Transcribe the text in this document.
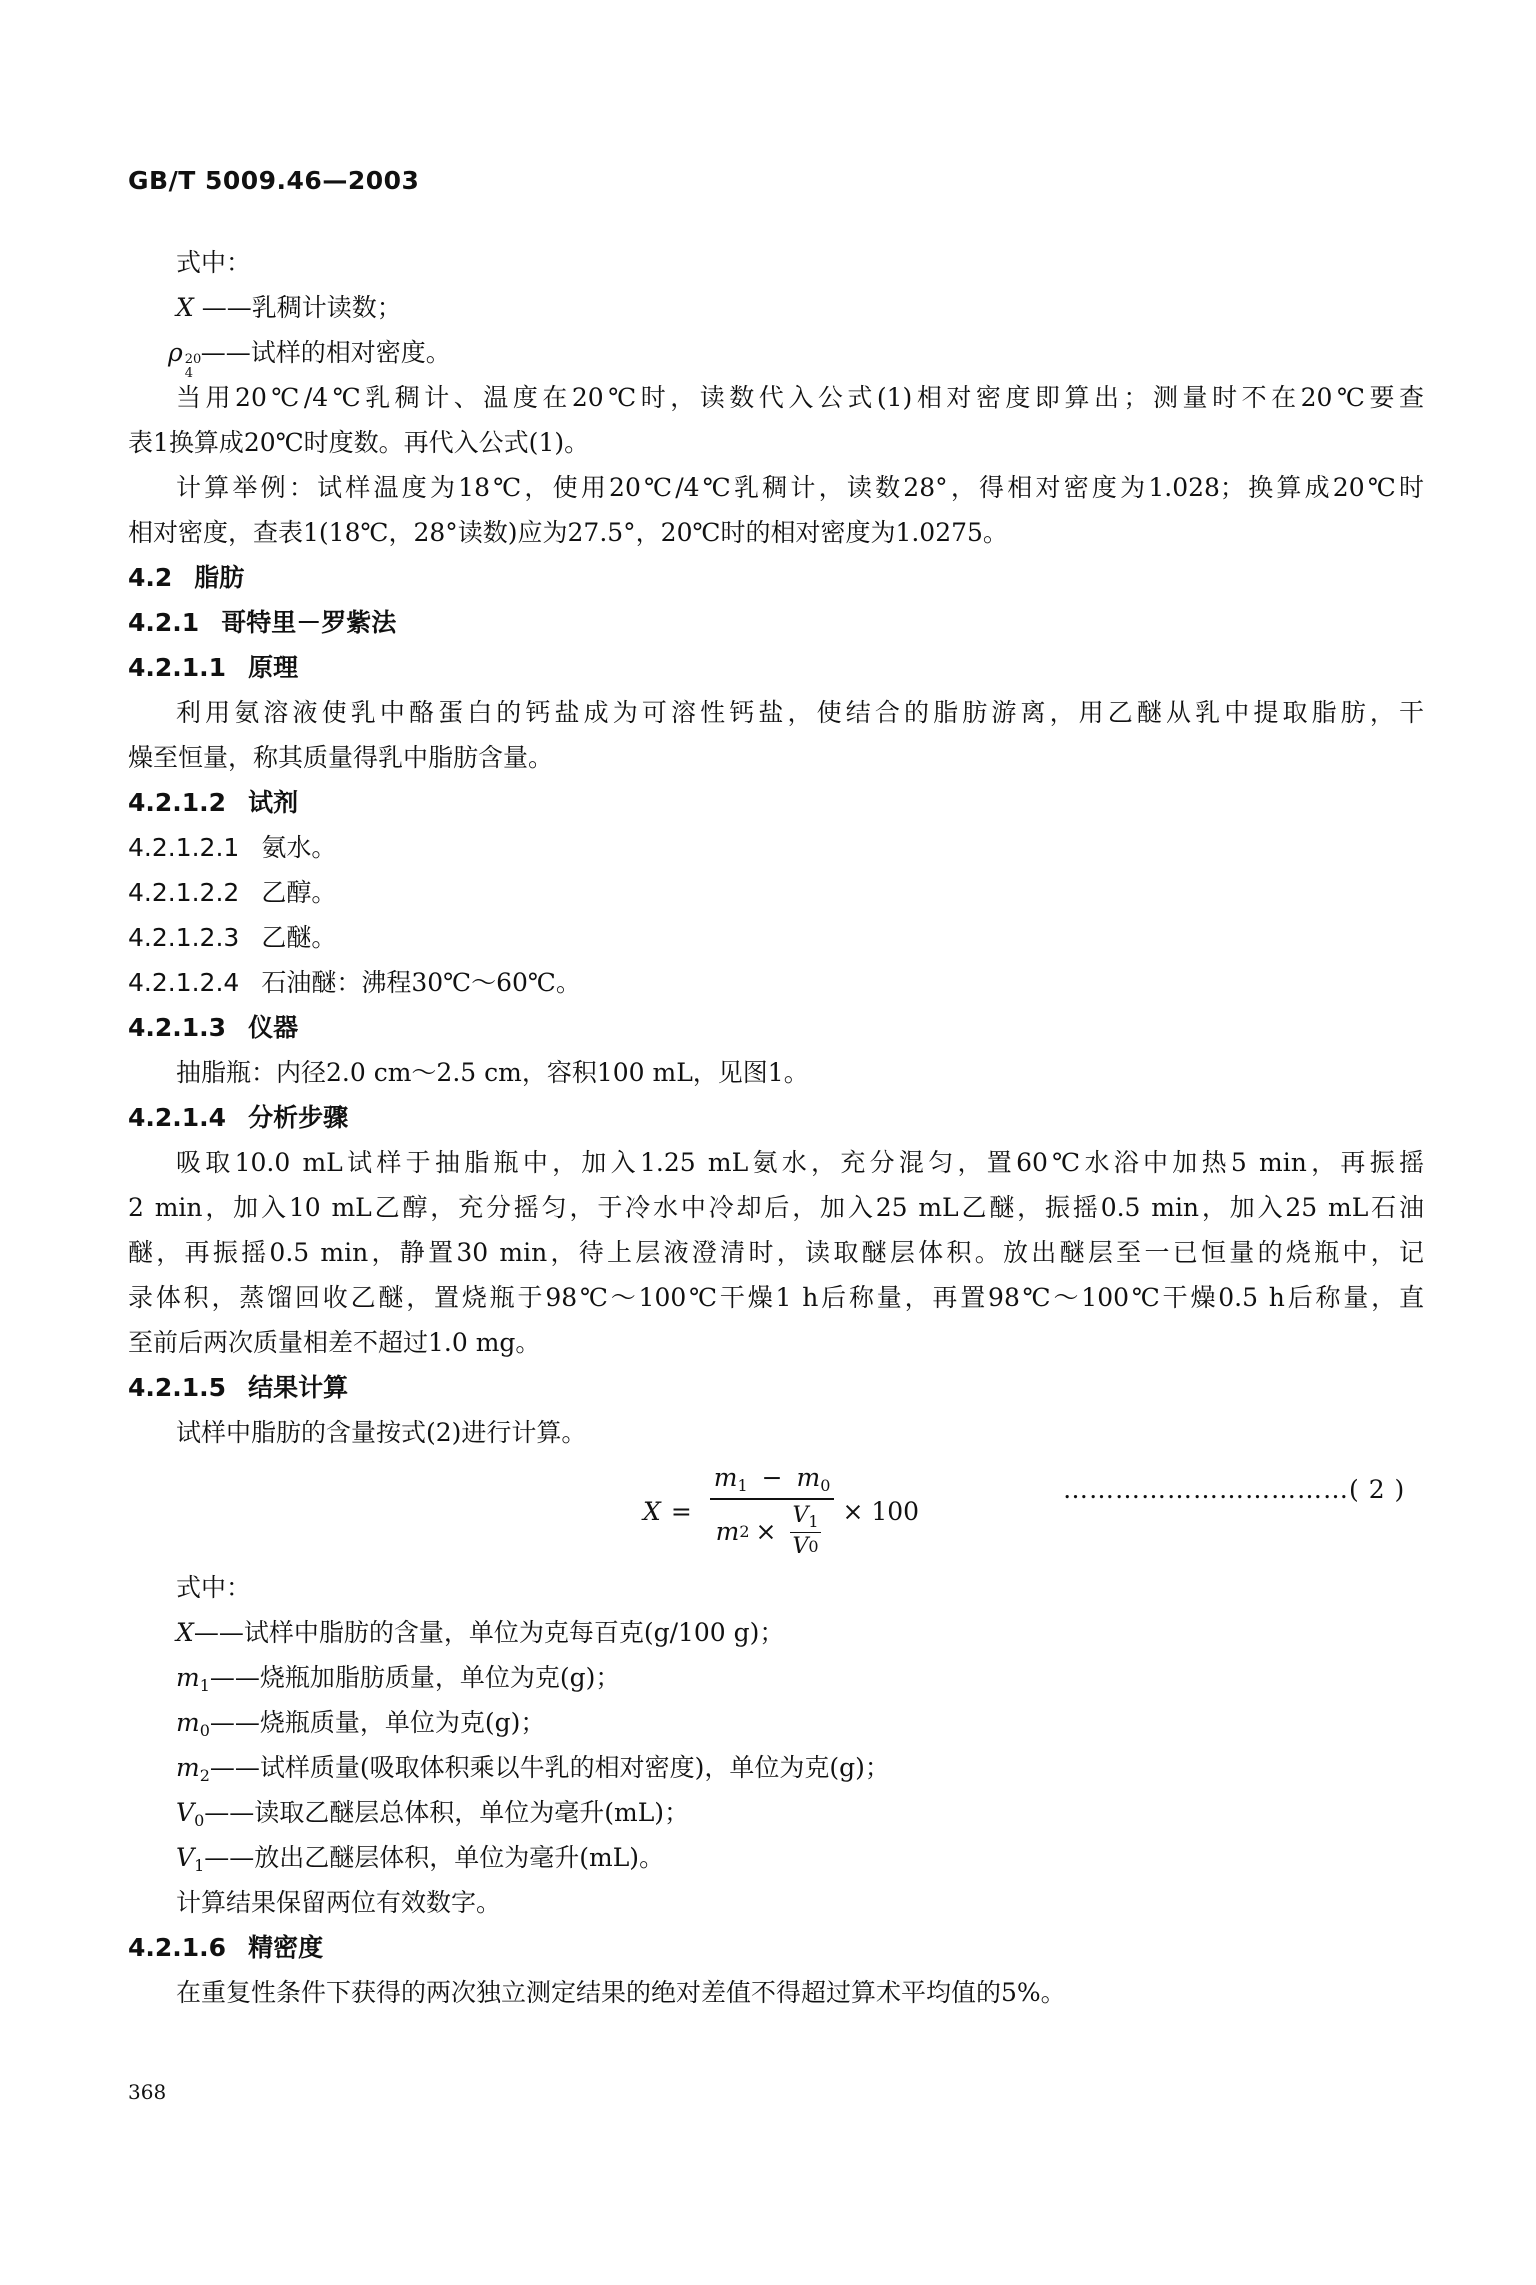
GB/T 5009.46—2003
式中：
X ——乳稠计读数；
ρ 20
4
——试样的相对密度。
当用20℃/4℃乳稠计、温度在20℃时，读数代入公式(1)相对密度即算出；测量时不在20℃要查
表1换算成20℃时度数。再代入公式(1)。
计算举例：试样温度为18℃，使用20℃/4℃乳稠计，读数28°，得相对密度为1.028；换算成20℃时
相对密度，查表1(18℃，28°读数)应为27.5°，20℃时的相对密度为1.0275。
4.2 脂肪
4.2.1 哥特里－罗紫法
4.2.1.1 原理
利用氨溶液使乳中酪蛋白的钙盐成为可溶性钙盐，使结合的脂肪游离，用乙醚从乳中提取脂肪，干
燥至恒量，称其质量得乳中脂肪含量。
4.2.1.2 试剂
4.2.1.2.1 氨水。
4.2.1.2.2 乙醇。
4.2.1.2.3 乙醚。
4.2.1.2.4 石油醚：沸程30℃～60℃。
4.2.1.3 仪器
抽脂瓶：内径2.0 cm～2.5 cm，容积100 mL，见图1。
4.2.1.4 分析步骤
吸取10.0 mL试样于抽脂瓶中，加入1.25 mL氨水，充分混匀，置60℃水浴中加热5 min，再振摇
2 min，加入10 mL乙醇，充分摇匀，于冷水中冷却后，加入25 mL乙醚，振摇0.5 min，加入25 mL石油
醚，再振摇0.5 min，静置30 min，待上层液澄清时，读取醚层体积。放出醚层至一已恒量的烧瓶中，记
录体积，蒸馏回收乙醚，置烧瓶于98℃～100℃干燥1 h后称量，再置98℃～100℃干燥0.5 h后称量，直
至前后两次质量相差不超过1.0 mg。
4.2.1.5 结果计算
试样中脂肪的含量按式(2)进行计算。
X =
$m_1 - m_0$
m $2 \times \frac{V_1}{V 0} \times 100$
……………………………( 2 )
式中：
X——试样中脂肪的含量，单位为克每百克(g/100 g)；
$m_1——$烧瓶加脂肪质量，单位为克(g)；
$m_0——$烧瓶质量，单位为克(g)；
$m_2——$试样质量(吸取体积乘以牛乳的相对密度)，单位为克(g)；
$V_0——$读取乙醚层总体积，单位为毫升(mL)；
$V_1——$放出乙醚层体积，单位为毫升(mL)。
计算结果保留两位有效数字。
4.2.1.6 精密度
在重复性条件下获得的两次独立测定结果的绝对差值不得超过算术平均值的5%。
368
